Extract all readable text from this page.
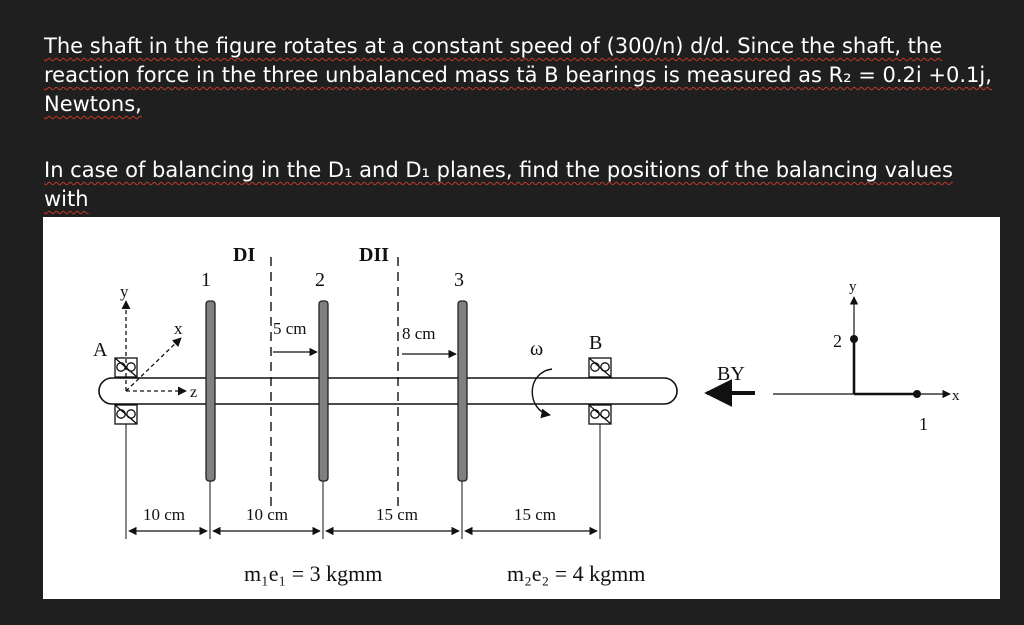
The shaft in the figure rotates at a constant speed of (300/n) d/d. Since the shaft, the
reaction force in the three unbalanced mass tä B bearings is measured as R₂ = 0.2i +0.1j,
Newtons,

In case of balancing in the D₁ and D₁ planes, find the positions of the balancing values with

DI	DII
1	2	3
5 cm	8 cm
A
y
x
z
ω B
BY
x
y
2
1
10 cm	10 cm	15 cm	15 cm
m₁e₁ = 3 kgmm	m₂e₂ = 4 kgmm
